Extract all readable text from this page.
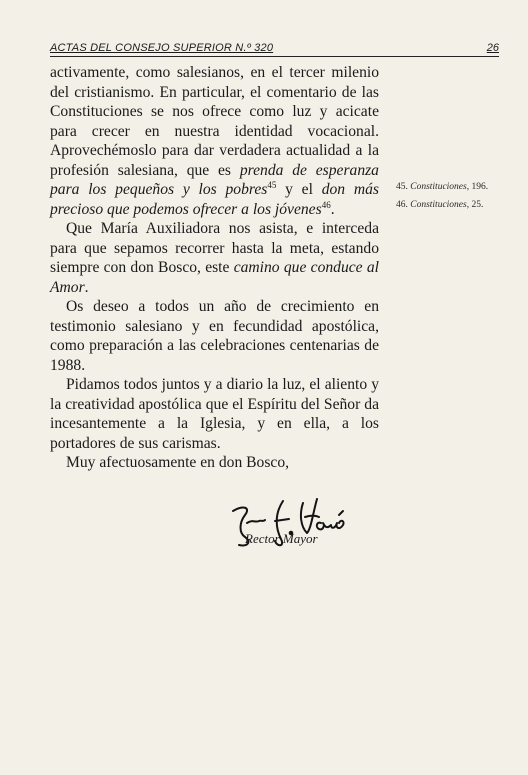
ACTAS DEL CONSEJO SUPERIOR N.º 320	26

activamente, como salesianos, en el tercer milenio del cristianismo. En particular, el comentario de las Constituciones se nos ofrece como luz y acicate para crecer en nuestra identidad vocacional. Aprovechémoslo para dar verdadera actualidad a la profesión salesiana, que es prenda de esperanza para los pequeños y los pobres$^{45}$ y el don más precioso que podemos ofrecer a los jóvenes$^{46}$.

Que María Auxiliadora nos asista, e interceda para que sepamos recorrer hasta la meta, estando siempre con don Bosco, este camino que conduce al Amor.

Os deseo a todos un año de crecimiento en testimonio salesiano y en fecundidad apostólica, como preparación a las celebraciones centenarias de 1988.

Pidamos todos juntos y a diario la luz, el aliento y la creatividad apostólica que el Espíritu del Señor da incesantemente a la Iglesia, y en ella, a los portadores de sus carismas.

Muy afectuosamente en don Bosco,

45. Constituciones, 196.
46. Constituciones, 25.
Rector Mayor
